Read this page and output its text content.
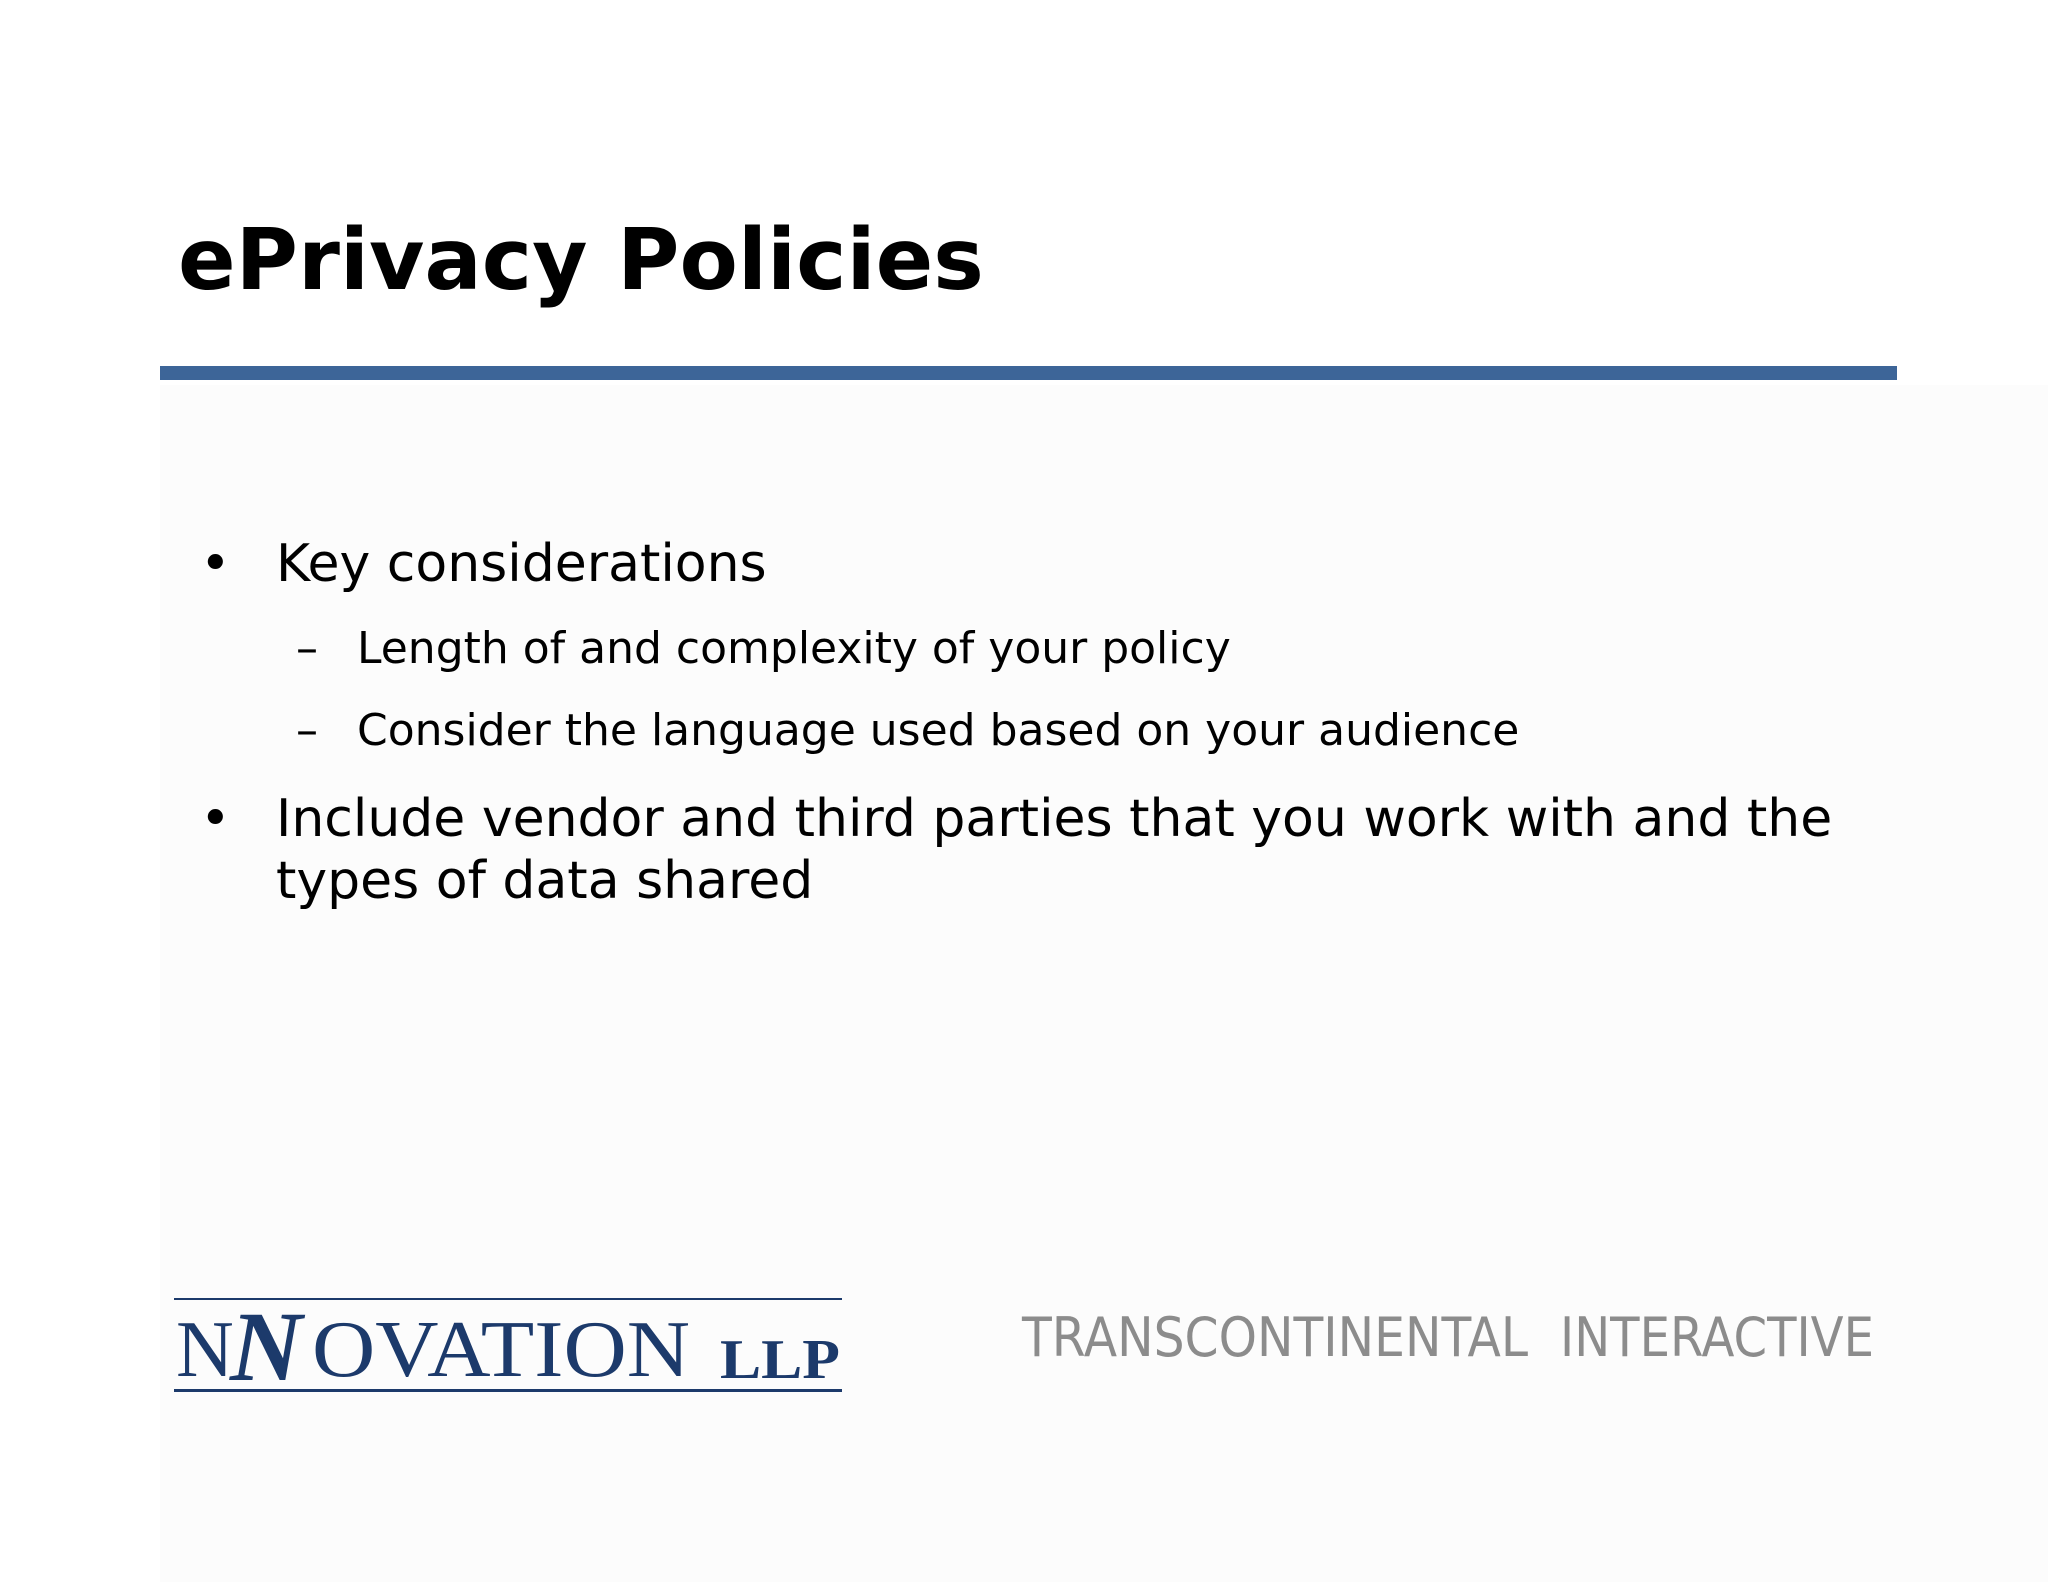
ePrivacy Policies
• Key considerations
– Length of and complexity of your policy
– Consider the language used based on your audience
• Include vendor and third parties that you work with and the
types of data shared
N
N OVATION LLP	TRANSCONTINENTAL INTERACTIVE
